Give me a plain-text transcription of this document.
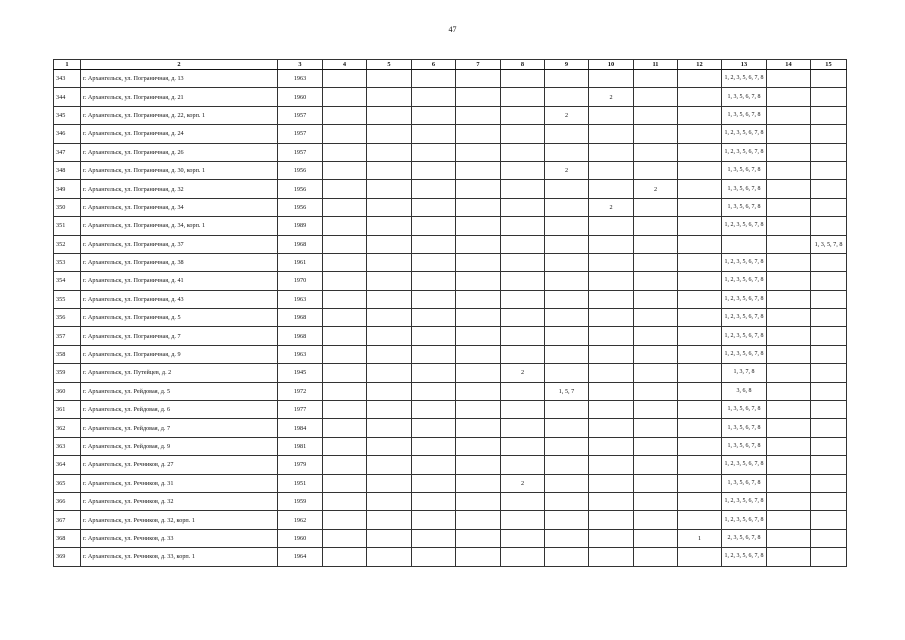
47
1	2	3	4	5	6	7	8	9	10	11	12	13	14	15
343	г. Архангельск, ул. Пограничная, д. 13	1963										1, 2, 3, 5, 6, 7, 8		
344	г. Архангельск, ул. Пограничная, д. 21	1960							2			1, 3, 5, 6, 7, 8		
345	г. Архангельск, ул. Пограничная, д. 22, корп. 1	1957						2				1, 3, 5, 6, 7, 8		
346	г. Архангельск, ул. Пограничная, д. 24	1957										1, 2, 3, 5, 6, 7, 8		
347	г. Архангельск, ул. Пограничная, д. 26	1957										1, 2, 3, 5, 6, 7, 8		
348	г. Архангельск, ул. Пограничная, д. 30, корп. 1	1956						2				1, 3, 5, 6, 7, 8		
349	г. Архангельск, ул. Пограничная, д. 32	1956								2		1, 3, 5, 6, 7, 8		
350	г. Архангельск, ул. Пограничная, д. 34	1956							2			1, 3, 5, 6, 7, 8		
351	г. Архангельск, ул. Пограничная, д. 34, корп. 1	1989										1, 2, 3, 5, 6, 7, 8		
352	г. Архангельск, ул. Пограничная, д. 37	1968												1, 3, 5, 7, 8
353	г. Архангельск, ул. Пограничная, д. 38	1961										1, 2, 3, 5, 6, 7, 8		
354	г. Архангельск, ул. Пограничная, д. 41	1970										1, 2, 3, 5, 6, 7, 8		
355	г. Архангельск, ул. Пограничная, д. 43	1963										1, 2, 3, 5, 6, 7, 8		
356	г. Архангельск, ул. Пограничная, д. 5	1968										1, 2, 3, 5, 6, 7, 8		
357	г. Архангельск, ул. Пограничная, д. 7	1968										1, 2, 3, 5, 6, 7, 8		
358	г. Архангельск, ул. Пограничная, д. 9	1963										1, 2, 3, 5, 6, 7, 8		
359	г. Архангельск, ул. Путейцев, д. 2	1945					2					1, 3, 7, 8		
360	г. Архангельск, ул. Рейдовая, д. 5	1972						1, 5, 7				3, 6, 8		
361	г. Архангельск, ул. Рейдовая, д. 6	1977										1, 3, 5, 6, 7, 8		
362	г. Архангельск, ул. Рейдовая, д. 7	1984										1, 3, 5, 6, 7, 8		
363	г. Архангельск, ул. Рейдовая, д. 9	1981										1, 3, 5, 6, 7, 8		
364	г. Архангельск, ул. Речников, д. 27	1979										1, 2, 3, 5, 6, 7, 8		
365	г. Архангельск, ул. Речников, д. 31	1951					2					1, 3, 5, 6, 7, 8		
366	г. Архангельск, ул. Речников, д. 32	1959										1, 2, 3, 5, 6, 7, 8		
367	г. Архангельск, ул. Речников, д. 32, корп. 1	1962										1, 2, 3, 5, 6, 7, 8		
368	г. Архангельск, ул. Речников, д. 33	1960									1	2, 3, 5, 6, 7, 8		
369	г. Архангельск, ул. Речников, д. 33, корп. 1	1964										1, 2, 3, 5, 6, 7, 8		
